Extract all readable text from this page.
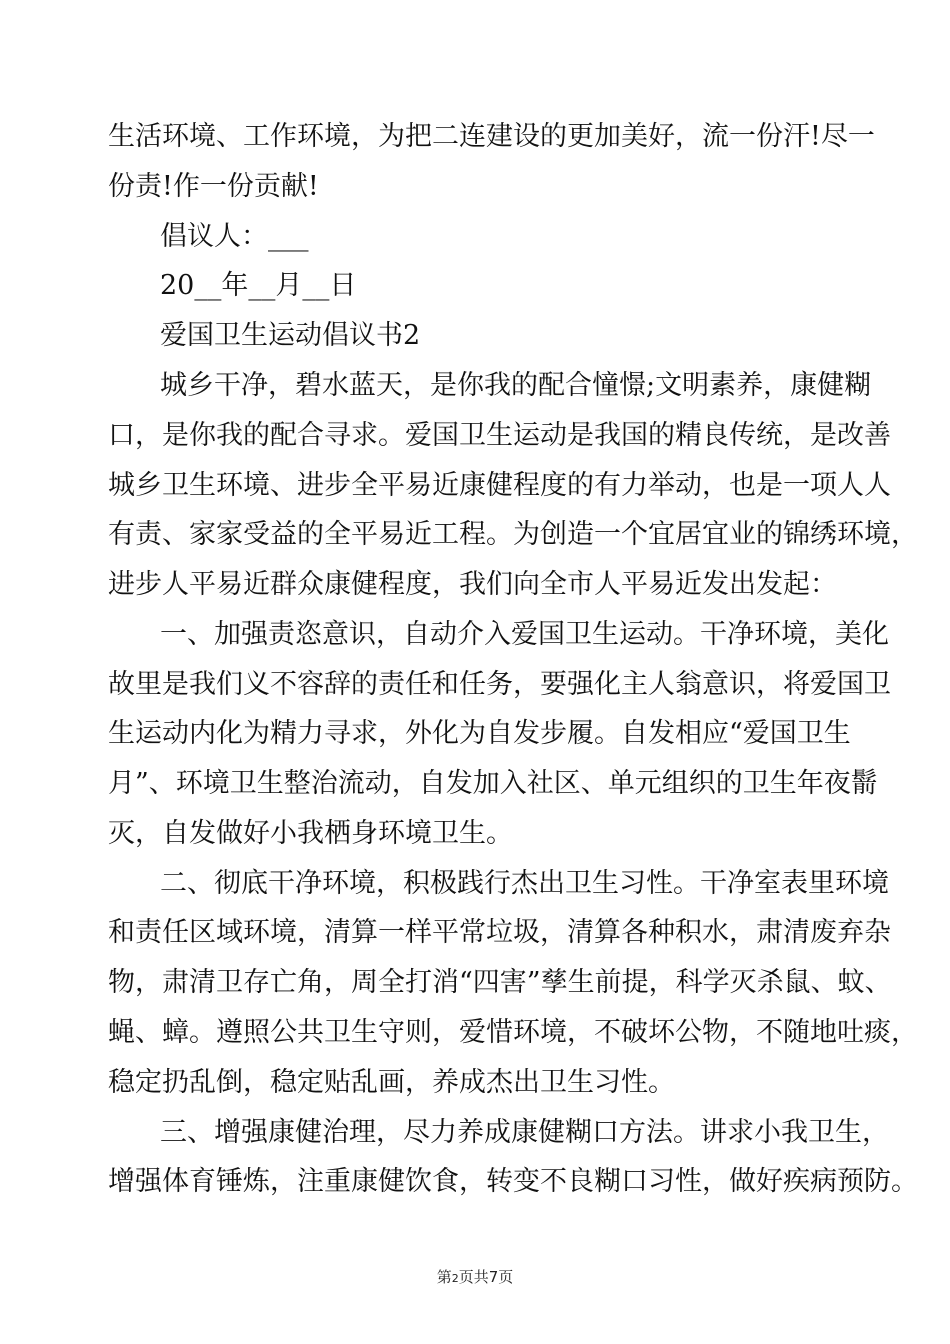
生活环境、工作环境，为把二连建设的更加美好，流一份汗!尽一
份责!作一份贡献!
倡议人：___
20__年__月__日
爱国卫生运动倡议书2
城乡干净，碧水蓝天，是你我的配合憧憬;文明素养，康健糊
口，是你我的配合寻求。爱国卫生运动是我国的精良传统，是改善
城乡卫生环境、进步全平易近康健程度的有力举动，也是一项人人
有责、家家受益的全平易近工程。为创造一个宜居宜业的锦绣环境，
进步人平易近群众康健程度，我们向全市人平易近发出发起：
一、加强责恣意识，自动介入爱国卫生运动。干净环境，美化
故里是我们义不容辞的责任和任务，要强化主人翁意识，将爱国卫
生运动内化为精力寻求，外化为自发步履。自发相应“爱国卫生
月”、环境卫生整治流动，自发加入社区、单元组织的卫生年夜鬋
灭，自发做好小我栖身环境卫生。
二、彻底干净环境，积极践行杰出卫生习性。干净室表里环境
和责任区域环境，清算一样平常垃圾，清算各种积水，肃清废弃杂
物，肃清卫存亡角，周全打消“四害”孳生前提，科学灭杀鼠、蚊、
蝇、蟑。遵照公共卫生守则，爱惜环境，不破坏公物，不随地吐痰，
稳定扔乱倒，稳定贴乱画，养成杰出卫生习性。
三、增强康健治理，尽力养成康健糊口方法。讲求小我卫生，
增强体育锤炼，注重康健饮食，转变不良糊口习性，做好疾病预防。
第2页共7页
